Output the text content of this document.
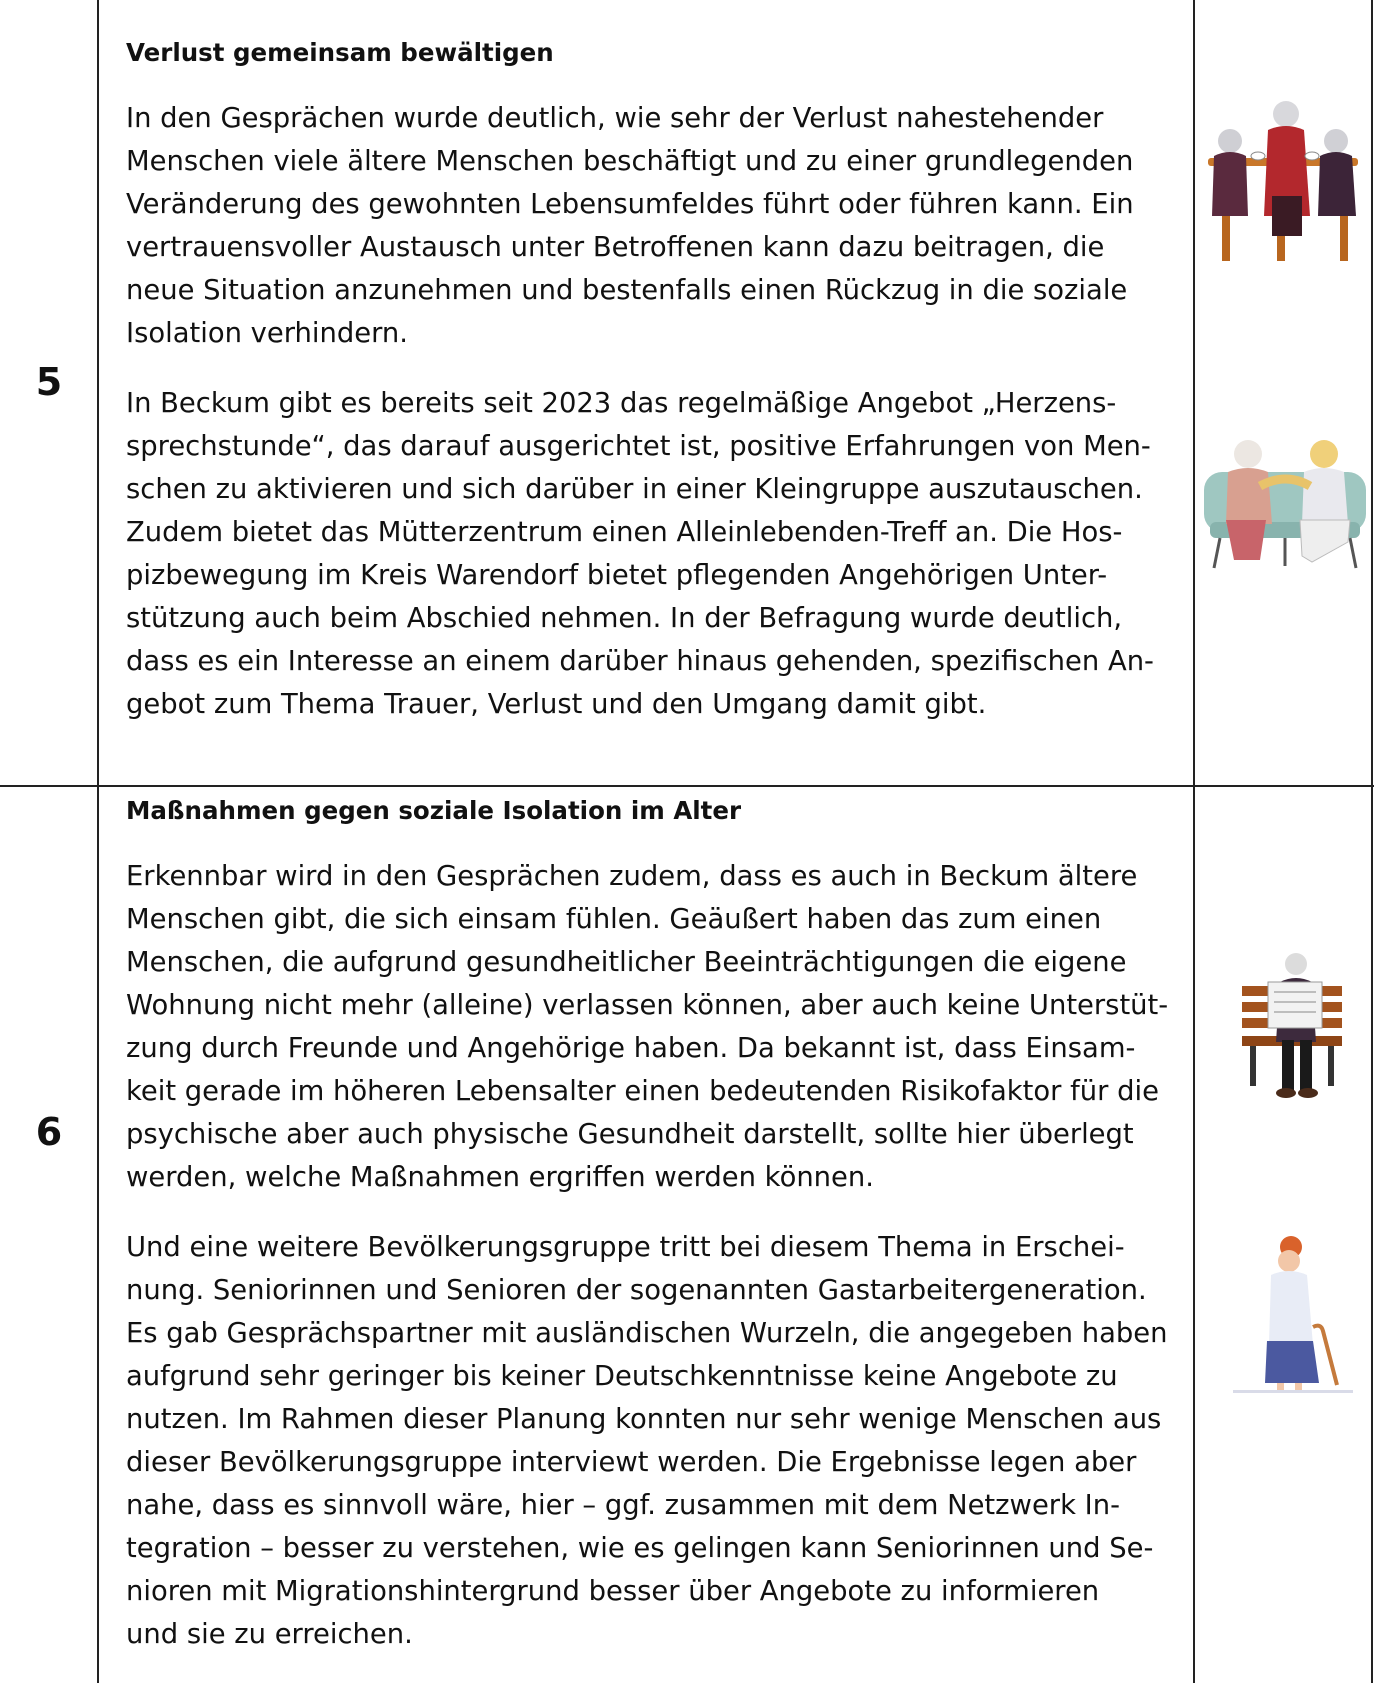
5
Verlust gemeinsam bewältigen
In den Gesprächen wurde deutlich, wie sehr der Verlust nahestehender
Menschen viele ältere Menschen beschäftigt und zu einer grundlegenden
Veränderung des gewohnten Lebensumfeldes führt oder führen kann. Ein
vertrauensvoller Austausch unter Betroffenen kann dazu beitragen, die
neue Situation anzunehmen und bestenfalls einen Rückzug in die soziale
Isolation verhindern.
In Beckum gibt es bereits seit 2023 das regelmäßige Angebot „Herzens-
sprechstunde“, das darauf ausgerichtet ist, positive Erfahrungen von Men-
schen zu aktivieren und sich darüber in einer Kleingruppe auszutauschen.
Zudem bietet das Mütterzentrum einen Alleinlebenden-Treff an. Die Hos-
pizbewegung im Kreis Warendorf bietet pflegenden Angehörigen Unter-
stützung auch beim Abschied nehmen. In der Befragung wurde deutlich,
dass es ein Interesse an einem darüber hinaus gehenden, spezifischen An-
gebot zum Thema Trauer, Verlust und den Umgang damit gibt.
6
Maßnahmen gegen soziale Isolation im Alter
Erkennbar wird in den Gesprächen zudem, dass es auch in Beckum ältere
Menschen gibt, die sich einsam fühlen. Geäußert haben das zum einen
Menschen, die aufgrund gesundheitlicher Beeinträchtigungen die eigene
Wohnung nicht mehr (alleine) verlassen können, aber auch keine Unterstüt-
zung durch Freunde und Angehörige haben. Da bekannt ist, dass Einsam-
keit gerade im höheren Lebensalter einen bedeutenden Risikofaktor für die
psychische aber auch physische Gesundheit darstellt, sollte hier überlegt
werden, welche Maßnahmen ergriffen werden können.
Und eine weitere Bevölkerungsgruppe tritt bei diesem Thema in Erschei-
nung. Seniorinnen und Senioren der sogenannten Gastarbeitergeneration.
Es gab Gesprächspartner mit ausländischen Wurzeln, die angegeben haben
aufgrund sehr geringer bis keiner Deutschkenntnisse keine Angebote zu
nutzen. Im Rahmen dieser Planung konnten nur sehr wenige Menschen aus
dieser Bevölkerungsgruppe interviewt werden. Die Ergebnisse legen aber
nahe, dass es sinnvoll wäre, hier – ggf. zusammen mit dem Netzwerk In-
tegration – besser zu verstehen, wie es gelingen kann Seniorinnen und Se-
nioren mit Migrationshintergrund besser über Angebote zu informieren
und sie zu erreichen.
